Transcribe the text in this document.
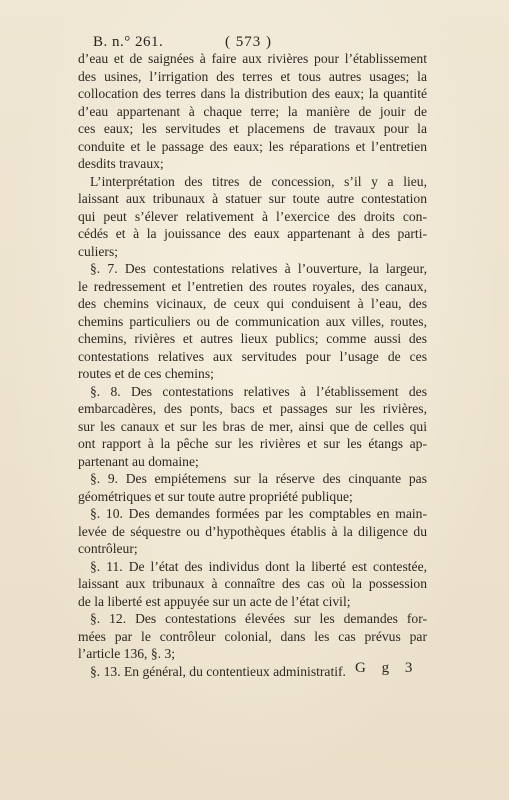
B. n.° 261.	( 573 )
d’eau et de saignées à faire aux rivières pour l’établissement
des usines, l’irrigation des terres et tous autres usages; la
collocation des terres dans la distribution des eaux; la quantité
d’eau appartenant à chaque terre; la manière de jouir de
ces eaux; les servitudes et placemens de travaux pour la
conduite et le passage des eaux; les réparations et l’entretien
desdits travaux;
L’interprétation des titres de concession, s’il y a lieu,
laissant aux tribunaux à statuer sur toute autre contestation
qui peut s’élever relativement à l’exercice des droits con-
cédés et à la jouissance des eaux appartenant à des parti-
culiers;
§. 7. Des contestations relatives à l’ouverture, la largeur,
le redressement et l’entretien des routes royales, des canaux,
des chemins vicinaux, de ceux qui conduisent à l’eau, des
chemins particuliers ou de communication aux villes, routes,
chemins, rivières et autres lieux publics; comme aussi des
contestations relatives aux servitudes pour l’usage de ces
routes et de ces chemins;
§. 8. Des contestations relatives à l’établissement des
embarcadères, des ponts, bacs et passages sur les rivières,
sur les canaux et sur les bras de mer, ainsi que de celles qui
ont rapport à la pêche sur les rivières et sur les étangs ap-
partenant au domaine;
§. 9. Des empiétemens sur la réserve des cinquante pas
géométriques et sur toute autre propriété publique;
§. 10. Des demandes formées par les comptables en main-
levée de séquestre ou d’hypothèques établis à la diligence du
contrôleur;
§. 11. De l’état des individus dont la liberté est contestée,
laissant aux tribunaux à connaître des cas où la possession
de la liberté est appuyée sur un acte de l’état civil;
§. 12. Des contestations élevées sur les demandes for-
mées par le contrôleur colonial, dans les cas prévus par
l’article 136, §. 3;
§. 13. En général, du contentieux administratif. G g 3
